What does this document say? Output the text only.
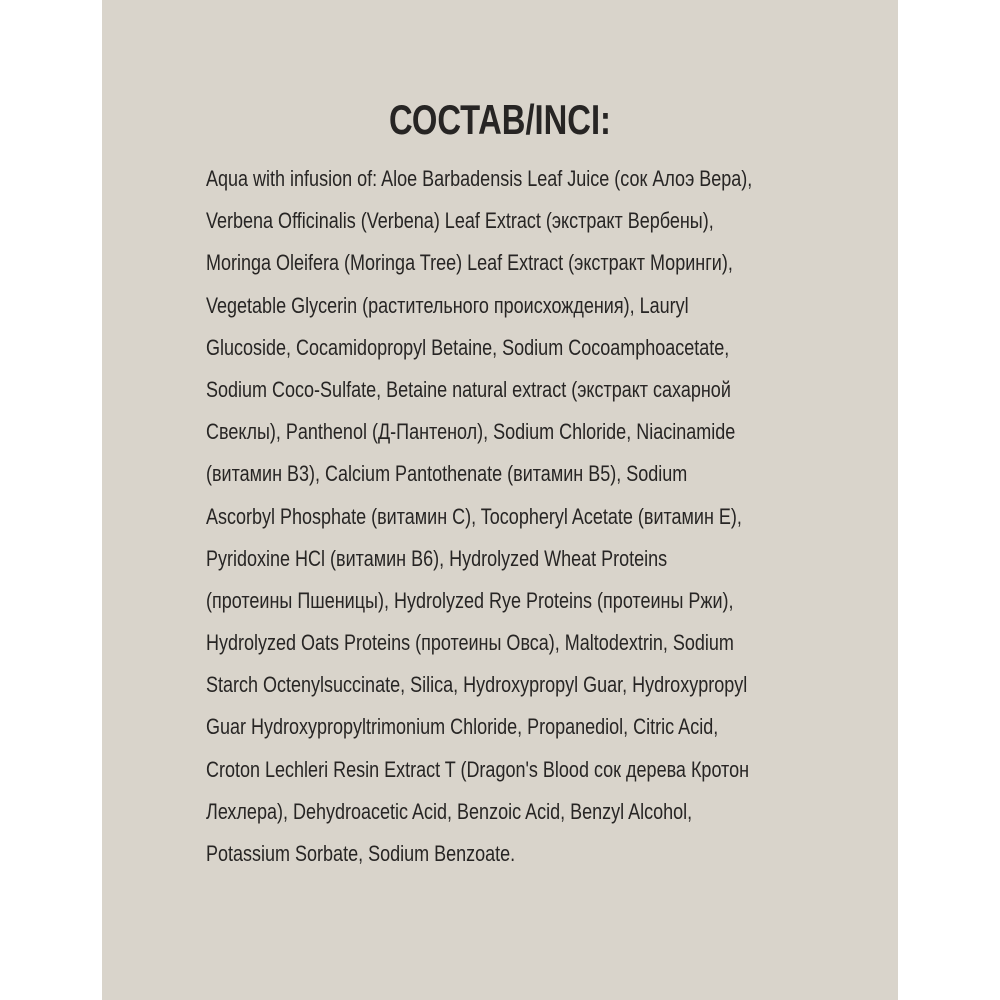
СОСТАВ/INCI:
Aqua with infusion of: Aloe Barbadensis Leaf Juice (сок Алоэ Вера),
Verbena Officinalis (Verbena) Leaf Extract (экстракт Вербены),
Moringa Oleifera (Moringa Tree) Leaf Extract (экстракт Моринги),
Vegetable Glycerin (растительного происхождения), Lauryl
Glucoside, Cocamidopropyl Betaine, Sodium Cocoamphoacetate,
Sodium Coco-Sulfate, Betaine natural extract (экстракт сахарной
Свеклы), Panthenol (Д-Пантенол), Sodium Chloride, Niacinamide
(витамин B3), Calcium Pantothenate (витамин B5), Sodium
Ascorbyl Phosphate (витамин C), Tocopheryl Acetate (витамин E),
Pyridoxine HCl (витамин B6), Hydrolyzed Wheat Proteins
(протеины Пшеницы), Hydrolyzed Rye Proteins (протеины Ржи),
Hydrolyzed Oats Proteins (протеины Овса), Maltodextrin, Sodium
Starch Octenylsuccinate, Silica, Hydroxypropyl Guar, Hydroxypropyl
Guar Hydroxypropyltrimonium Chloride, Propanediol, Citric Acid,
Croton Lechleri Resin Extract T (Dragon's Blood сок дерева Кротон
Лехлера), Dehydroacetic Acid, Benzoic Acid, Benzyl Alcohol,
Potassium Sorbate, Sodium Benzoate.
